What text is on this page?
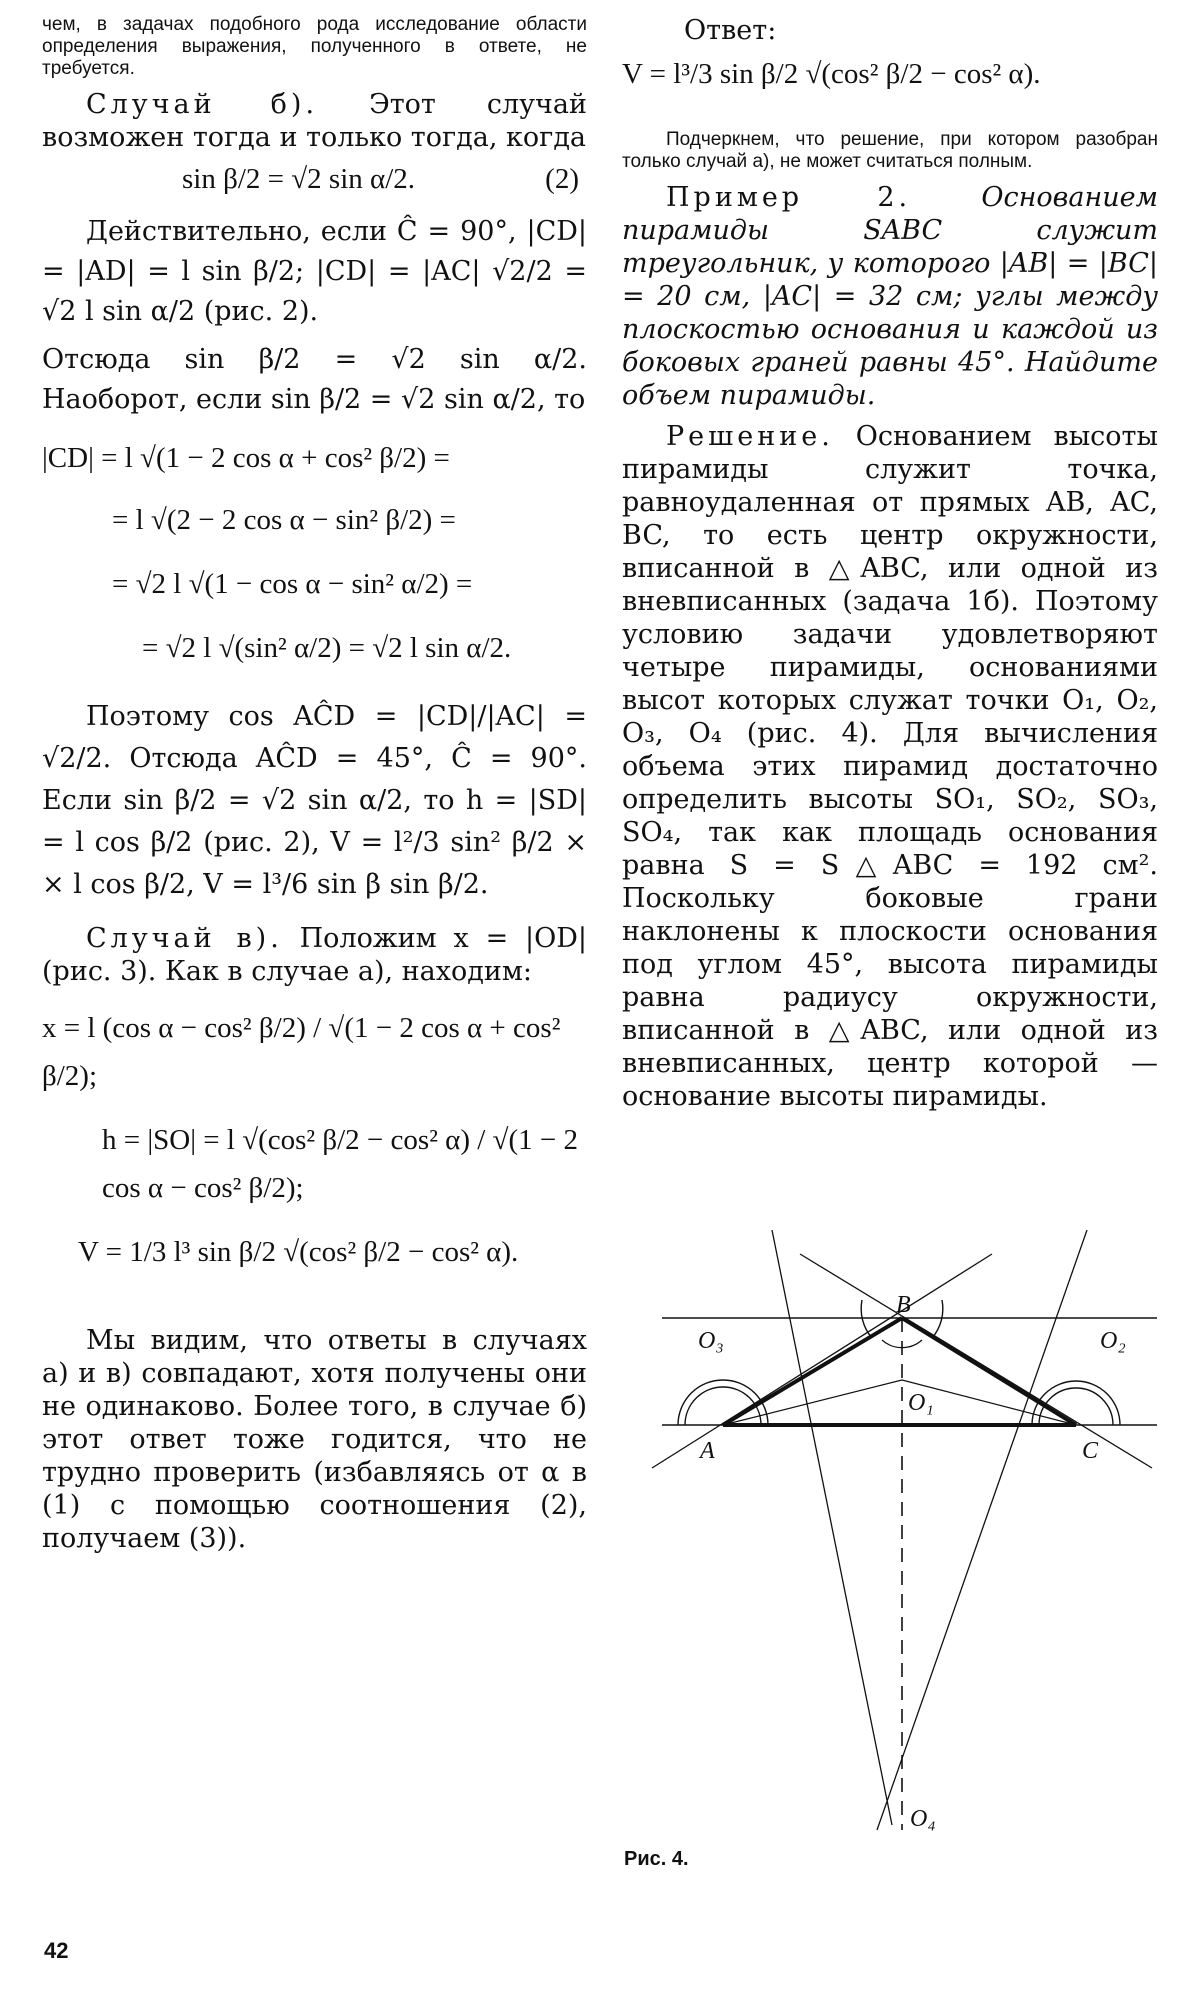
чем, в задачах подобного рода исследование области определения выражения, полученного в ответе, не требуется.

Случай б). Этот случай возможен тогда и только тогда, когда

sin β/2 = √2 sin α/2.	(2)

Действительно, если Ĉ = 90°, |CD| = |AD| = l sin β/2; |CD| = |AC| √2/2 = √2 l sin α/2 (рис. 2).

Отсюда sin β/2 = √2 sin α/2. Наоборот, если sin β/2 = √2 sin α/2, то

|CD| = l √(1 − 2 cos α + cos² β/2) =

= l √(2 − 2 cos α − sin² β/2) =

= √2 l √(1 − cos α − sin² α/2) =

= √2 l √(sin² α/2) = √2 l sin α/2.

Поэтому cos AĈD = |CD|/|AC| = √2/2. Отсюда AĈD = 45°, Ĉ = 90°. Если sin β/2 = √2 sin α/2, то h = |SD| = l cos β/2 (рис. 2), V = l²/3 sin² β/2 × × l cos β/2, V = l³/6 sin β sin β/2.

Случай в). Положим x = |OD| (рис. 3). Как в случае а), находим:

x = l (cos α − cos² β/2) / √(1 − 2 cos α + cos² β/2);

h = |SO| = l √(cos² β/2 − cos² α) / √(1 − 2 cos α − cos² β/2);

V = 1/3 l³ sin β/2 √(cos² β/2 − cos² α).

Мы видим, что ответы в случаях а) и в) совпадают, хотя получены они не одинаково. Более того, в случае б) этот ответ тоже годится, что не трудно проверить (избавляясь от α в (1) с помощью соотношения (2), получаем (3)).

Ответ:

V = l³/3 sin β/2 √(cos² β/2 − cos² α).

Подчеркнем, что решение, при котором разобран только случай а), не может считаться полным.

Пример 2.	Основанием пирамиды SABC служит треугольник, у которого |AB| = |BC| = 20 см, |AC| = 32 см; углы между плоскостью основания и каждой из боковых граней равны 45°. Найдите объем пирамиды.

Решение. Основанием высоты пирамиды служит точка, равноудаленная от прямых AB, AC, BC, то есть центр окружности, вписанной в △ABC, или одной из вневписанных (задача 1б). Поэтому условию задачи удовлетворяют четыре пирамиды, основаниями высот которых служат точки O₁, O₂, O₃, O₄ (рис. 4). Для вычисления объема этих пирамид достаточно определить высоты SO₁, SO₂, SO₃, SO₄, так как площадь основания равна S = S△ABC = 192 см². Поскольку боковые грани наклонены к плоскости основания под углом 45°, высота пирамиды равна радиусу окружности, вписанной в △ABC, или одной из вневписанных, центр которой — основание высоты пирамиды.

B
A	C
O₁
O₂
O₃
O₄
Рис. 4.
42
